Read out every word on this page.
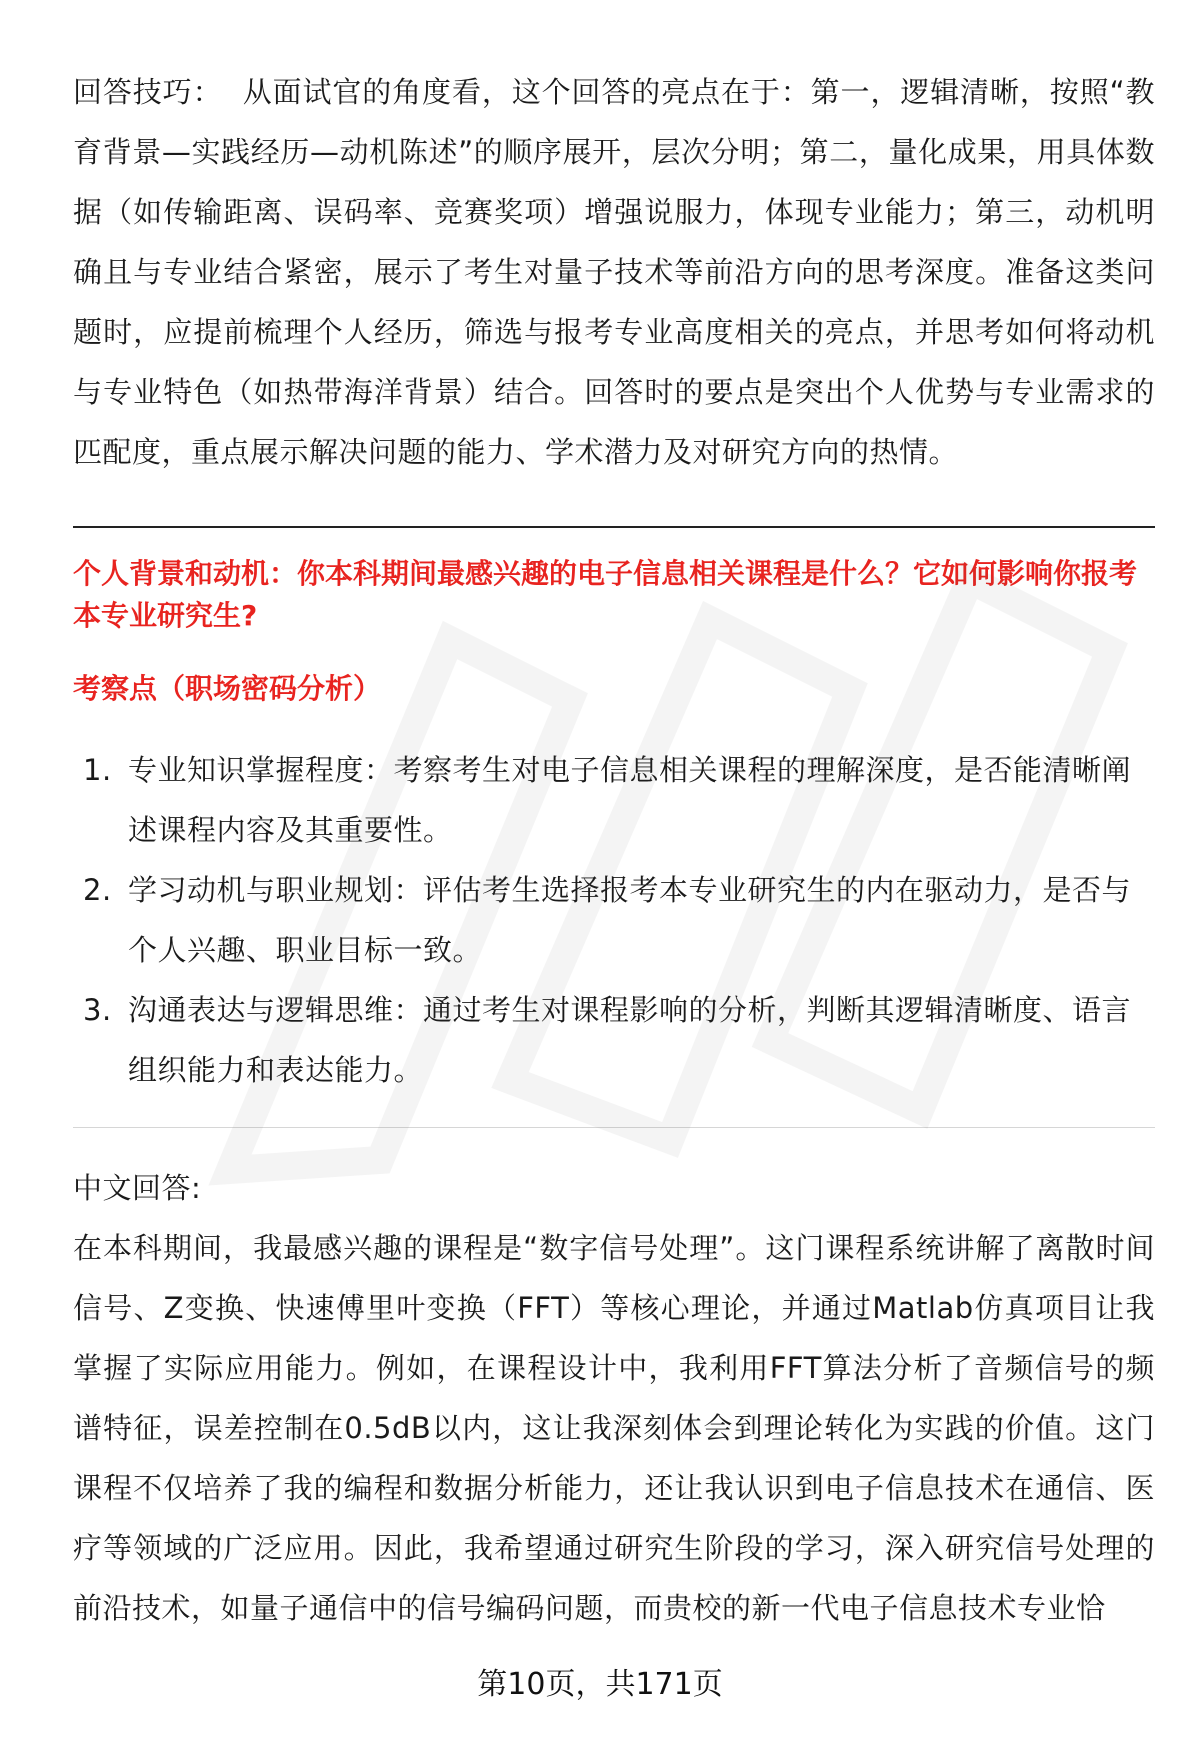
回答技巧： 从面试官的角度看，这个回答的亮点在于：第一，逻辑清晰，按照“教育背景—实践经历—动机陈述”的顺序展开，层次分明；第二，量化成果，用具体数据（如传输距离、误码率、竞赛奖项）增强说服力，体现专业能力；第三，动机明确且与专业结合紧密，展示了考生对量子技术等前沿方向的思考深度。准备这类问题时，应提前梳理个人经历，筛选与报考专业高度相关的亮点，并思考如何将动机与专业特色（如热带海洋背景）结合。回答时的要点是突出个人优势与专业需求的匹配度，重点展示解决问题的能力、学术潜力及对研究方向的热情。

个人背景和动机：你本科期间最感兴趣的电子信息相关课程是什么？它如何影响你报考本专业研究生?

考察点（职场密码分析）

1. 专业知识掌握程度：考察考生对电子信息相关课程的理解深度，是否能清晰阐述课程内容及其重要性。
2. 学习动机与职业规划：评估考生选择报考本专业研究生的内在驱动力，是否与个人兴趣、职业目标一致。
3. 沟通表达与逻辑思维：通过考生对课程影响的分析，判断其逻辑清晰度、语言组织能力和表达能力。

中文回答:

在本科期间，我最感兴趣的课程是“数字信号处理”。这门课程系统讲解了离散时间信号、Z变换、快速傅里叶变换（FFT）等核心理论，并通过Matlab仿真项目让我掌握了实际应用能力。例如，在课程设计中，我利用FFT算法分析了音频信号的频谱特征，误差控制在0.5dB以内，这让我深刻体会到理论转化为实践的价值。这门课程不仅培养了我的编程和数据分析能力，还让我认识到电子信息技术在通信、医疗等领域的广泛应用。因此，我希望通过研究生阶段的学习，深入研究信号处理的前沿技术，如量子通信中的信号编码问题，而贵校的新一代电子信息技术专业恰

第10页，共171页
